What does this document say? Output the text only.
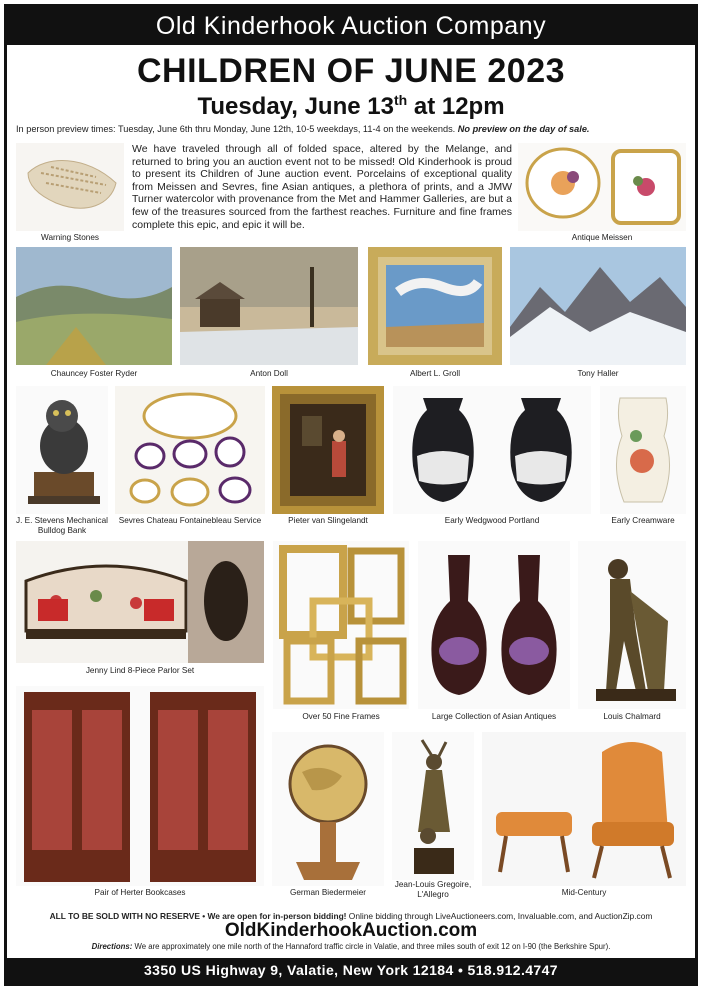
Old Kinderhook Auction Company
CHILDREN OF JUNE 2023
Tuesday, June 13th at 12pm
In person preview times: Tuesday, June 6th thru Monday, June 12th, 10-5 weekdays, 11-4 on the weekends. No preview on the day of sale.
Warning Stones
We have traveled through all of folded space, altered by the Melange, and returned to bring you an auction event not to be missed! Old Kinderhook is proud to present its Children of June auction event. Porcelains of exceptional quality from Meissen and Sevres, fine Asian antiques, a plethora of prints, and a JMW Turner watercolor with provenance from the Met and Hammer Galleries, are but a few of the treasures sourced from the farthest reaches. Furniture and fine frames complete this epic, and epic it will be.
Antique Meissen
Chauncey Foster Ryder	Anton Doll	Albert L. Groll	Tony Haller
J. E. Stevens Mechanical
Bulldog Bank
Sevres Chateau Fontainebleau Service	Pieter van Slingelandt	Early Wedgwood Portland	Early Creamware
Jenny Lind 8-Piece Parlor Set
Over 50 Fine Frames	Large Collection of Asian Antiques	Louis Chalmard
Pair of Herter Bookcases	German Biedermeier
Jean-Louis Gregoire,
L'Allegro	Mid-Century
ALL TO BE SOLD WITH NO RESERVE • We are open for in-person bidding! Online bidding through LiveAuctioneers.com, Invaluable.com, and AuctionZip.com
OldKinderhookAuction.com
Directions: We are approximately one mile north of the Hannaford traffic circle in Valatie, and three miles south of exit 12 on I-90 (the Berkshire Spur).
3350 US Highway 9, Valatie, New York 12184 • 518.912.4747
